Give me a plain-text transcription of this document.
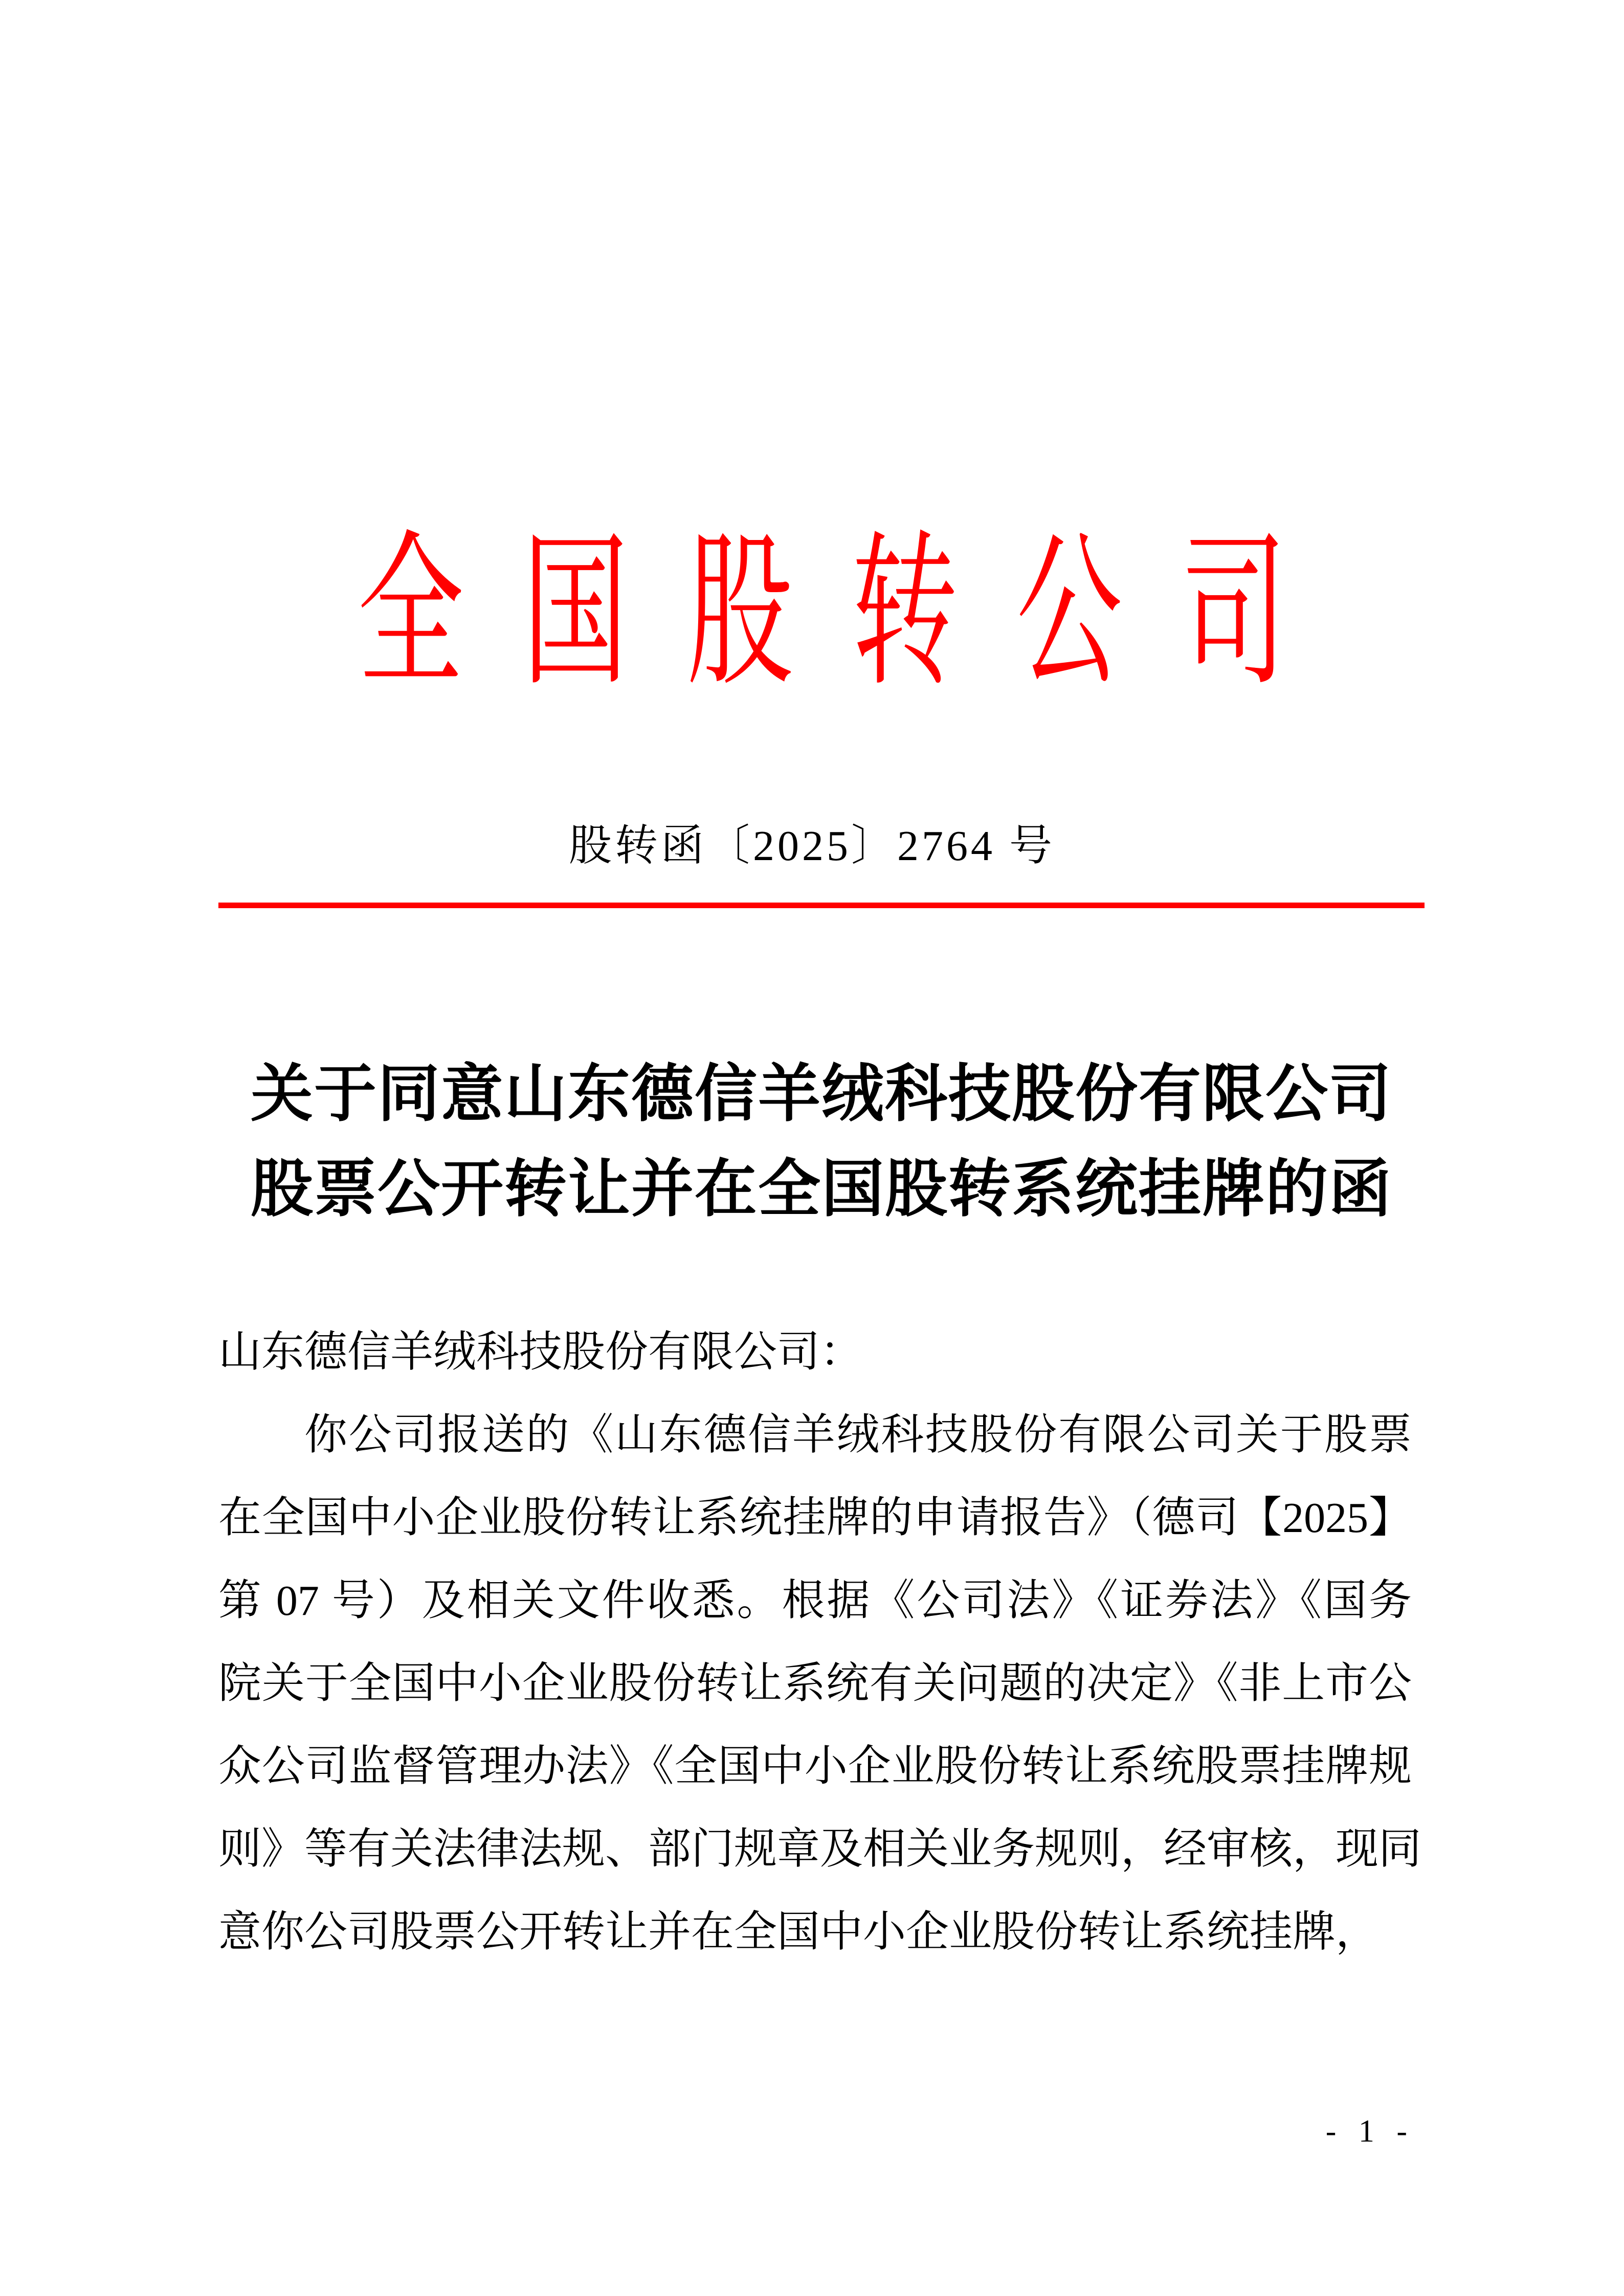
全国股转公司
股转函〔2025〕2764 号
关于同意山东德信羊绒科技股份有限公司
股票公开转让并在全国股转系统挂牌的函
山东德信羊绒科技股份有限公司：
你公司报送的《山东德信羊绒科技股份有限公司关于股票
在全国中小企业股份转让系统挂牌的申请报告》（德司【2025】
第 07 号）及相关文件收悉。根据《公司法》《证券法》《国务
院关于全国中小企业股份转让系统有关问题的决定》《非上市公
众公司监督管理办法》《全国中小企业股份转让系统股票挂牌规
则》等有关法律法规、部门规章及相关业务规则，经审核，现同
意你公司股票公开转让并在全国中小企业股份转让系统挂牌，
- 1 -
